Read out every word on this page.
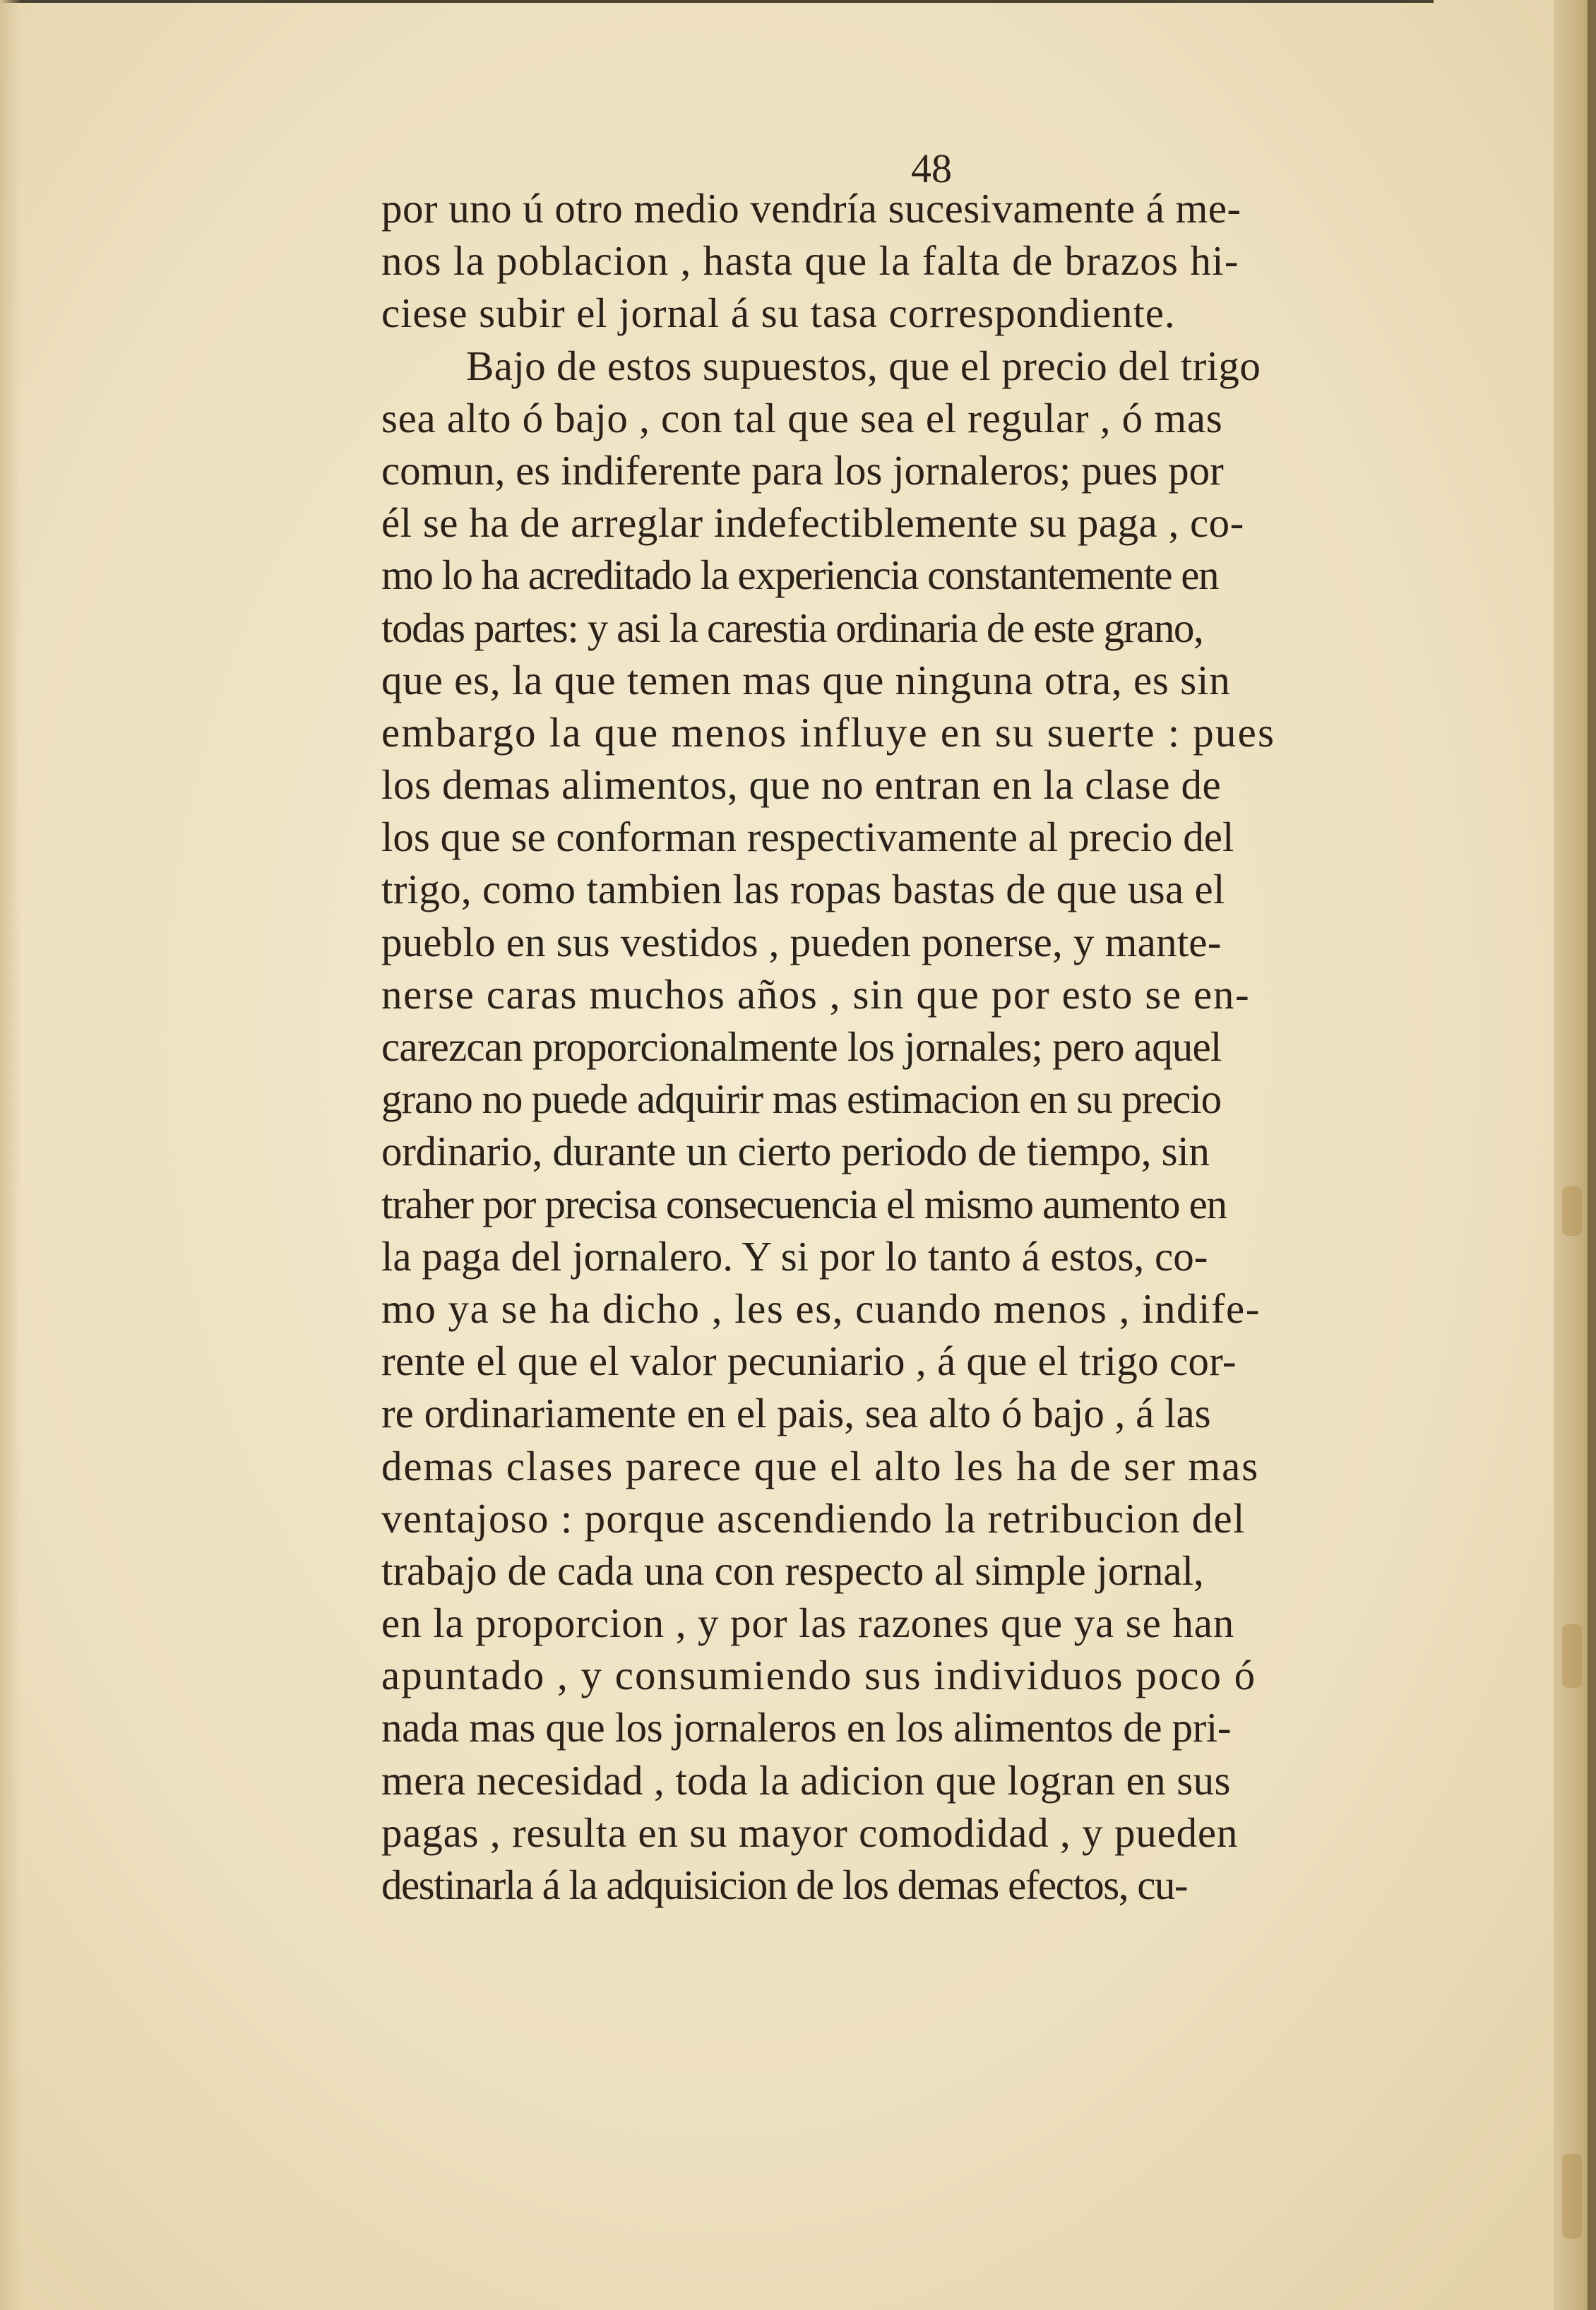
48
por uno ú otro medio vendría sucesivamente á me-
nos la poblacion , hasta que la falta de brazos hi-
ciese subir el jornal á su tasa correspondiente.
Bajo de estos supuestos, que el precio del trigo
sea alto ó bajo , con tal que sea el regular , ó mas
comun, es indiferente para los jornaleros; pues por
él se ha de arreglar indefectiblemente su paga , co-
mo lo ha acreditado la experiencia constantemente en
todas partes: y asi la carestia ordinaria de este grano,
que es, la que temen mas que ninguna otra, es sin
embargo la que menos influye en su suerte : pues
los demas alimentos, que no entran en la clase de
los que se conforman respectivamente al precio del
trigo, como tambien las ropas bastas de que usa el
pueblo en sus vestidos , pueden ponerse, y mante-
nerse caras muchos años , sin que por esto se en-
carezcan proporcionalmente los jornales; pero aquel
grano no puede adquirir mas estimacion en su precio
ordinario, durante un cierto periodo de tiempo, sin
traher por precisa consecuencia el mismo aumento en
la paga del jornalero. Y si por lo tanto á estos, co-
mo ya se ha dicho , les es, cuando menos , indife-
rente el que el valor pecuniario , á que el trigo cor-
re ordinariamente en el pais, sea alto ó bajo , á las
demas clases parece que el alto les ha de ser mas
ventajoso : porque ascendiendo la retribucion del
trabajo de cada una con respecto al simple jornal,
en la proporcion , y por las razones que ya se han
apuntado , y consumiendo sus individuos poco ó
nada mas que los jornaleros en los alimentos de pri-
mera necesidad , toda la adicion que logran en sus
pagas , resulta en su mayor comodidad , y pueden
destinarla á la adquisicion de los demas efectos, cu-
